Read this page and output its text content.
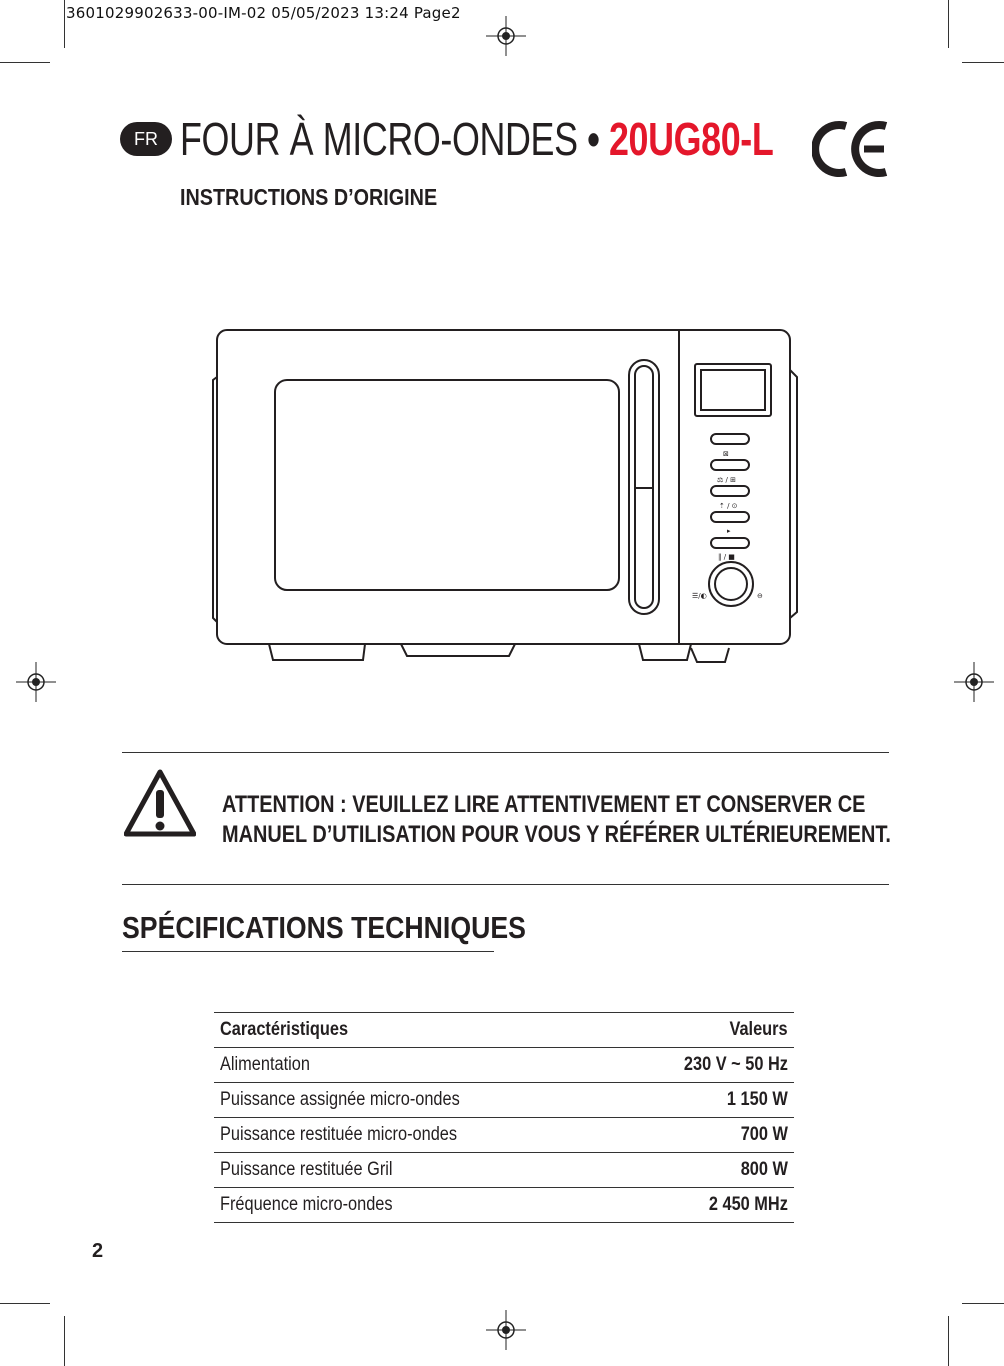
3601029902633-00-IM-02 05/05/2023 13:24 Page2
FR FOUR À MICRO-ONDES • 20UG80-L
INSTRUCTIONS D’ORIGINE
⊠
⚖ / ⊞
⇡ / ⊙
▸
‖ / ■
☰/◐	⊖
ATTENTION : VEUILLEZ LIRE ATTENTIVEMENT ET CONSERVER CE
MANUEL D’UTILISATION POUR VOUS Y RÉFÉRER ULTÉRIEUREMENT.
SPÉCIFICATIONS TECHNIQUES
Caractéristiques	Valeurs
Alimentation	230 V ~ 50 Hz
Puissance assignée micro-ondes	1 150 W
Puissance restituée micro-ondes	700 W
Puissance restituée Gril	800 W
Fréquence micro-ondes	2 450 MHz
2
